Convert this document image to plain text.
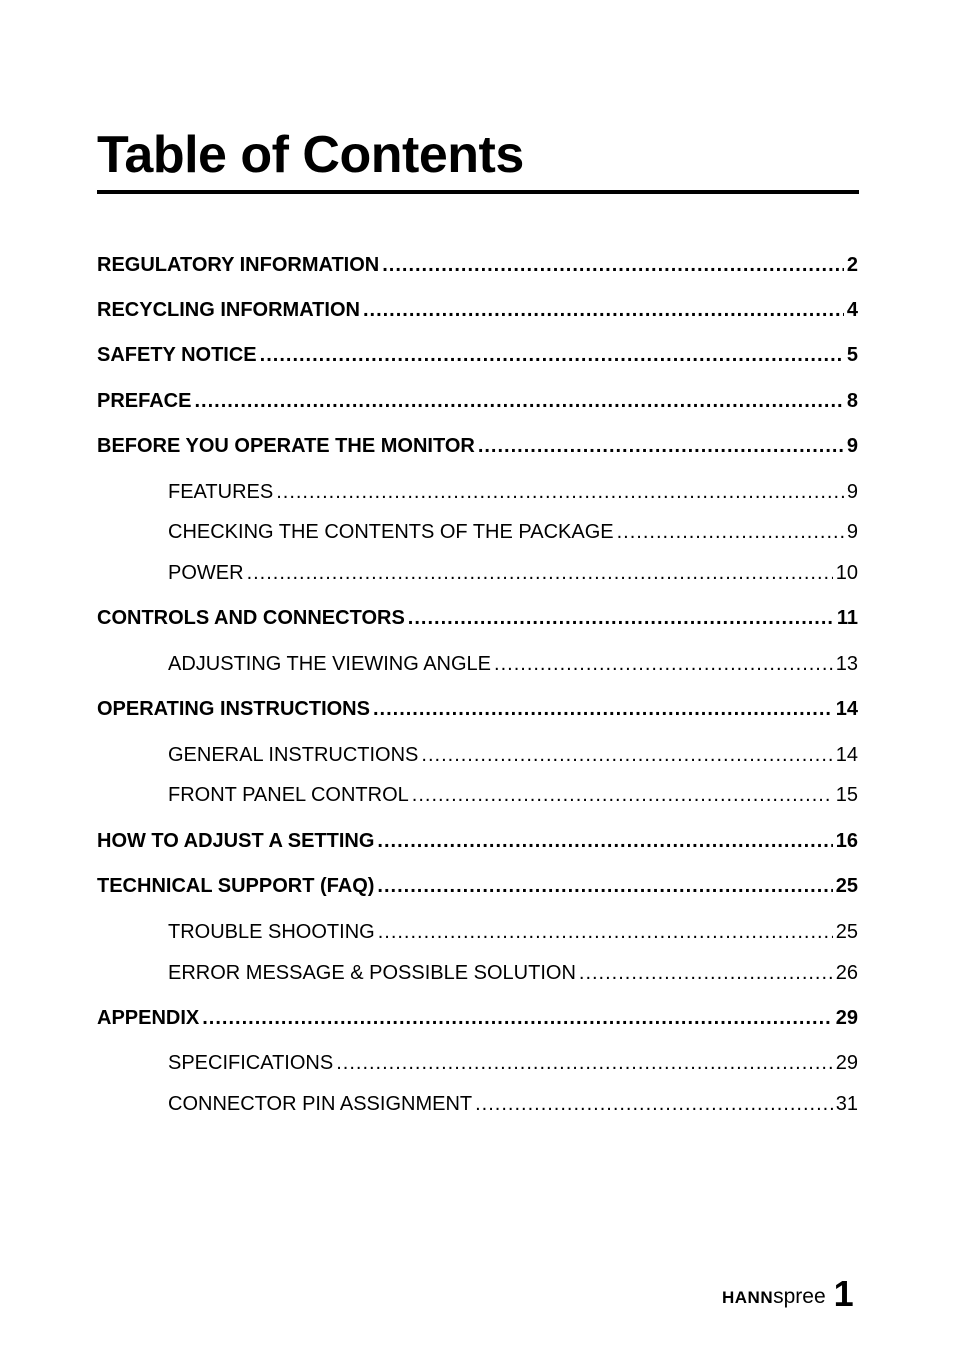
Table of Contents
REGULATORY INFORMATION .....	2
RECYCLING INFORMATION .....	4
SAFETY NOTICE .....	5
PREFACE .....	8
BEFORE YOU OPERATE THE MONITOR .....	9
FEATURES .....	9
CHECKING THE CONTENTS OF THE PACKAGE .....	9
POWER .....	10
CONTROLS AND CONNECTORS .....	11
ADJUSTING THE VIEWING ANGLE .....	13
OPERATING INSTRUCTIONS .....	14
GENERAL INSTRUCTIONS .....	14
FRONT PANEL CONTROL .....	15
HOW TO ADJUST A SETTING .....	16
TECHNICAL SUPPORT (FAQ) .....	25
TROUBLE SHOOTING .....	25
ERROR MESSAGE & POSSIBLE SOLUTION .....	26
APPENDIX .....	29
SPECIFICATIONS .....	29
CONNECTOR PIN ASSIGNMENT .....	31
HANNspree 1
